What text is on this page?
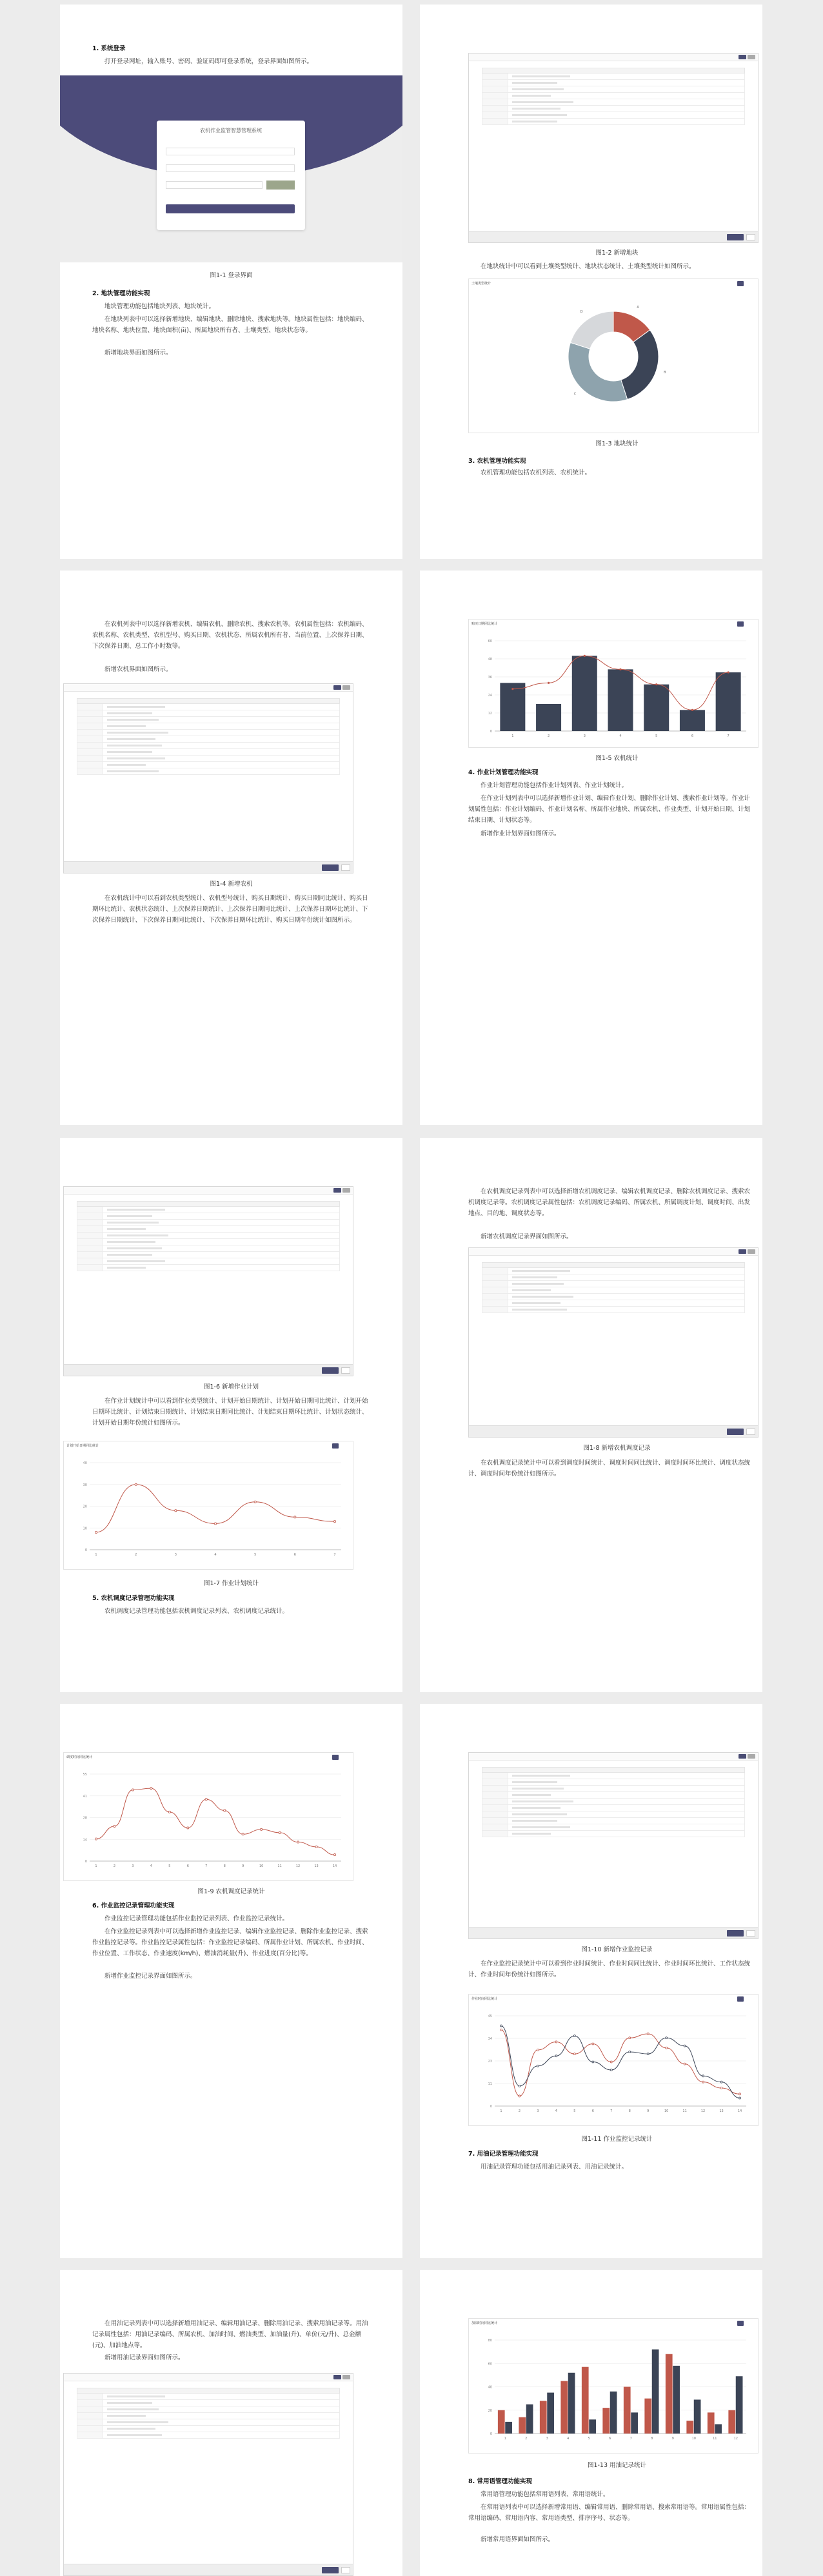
1. 系统登录
打开登录网址，输入账号、密码、验证码即可登录系统，登录界面如图所示。
农机作业监管智慧管理系统
图1-1 登录界面
2. 地块管理功能实现
地块管理功能包括地块列表、地块统计。
在地块列表中可以选择新增地块、编辑地块、删除地块、搜索地块等。地块属性包括：地块编码、地块名称、地块位置、地块面积(亩)、所属地块所有者、土壤类型、地块状态等。
新增地块界面如图所示。
图1-2 新增地块
在地块统计中可以看到土壤类型统计、地块状态统计、土壤类型统计如图所示。
土壤类型统计
A
B
C
D
图1-3 地块统计
3. 农机管理功能实现
农机管理功能包括农机列表、农机统计。
在农机列表中可以选择新增农机、编辑农机、删除农机、搜索农机等。农机属性包括：农机编码、农机名称、农机类型、农机型号、购买日期、农机状态、所属农机所有者、当前位置、上次保养日期、下次保养日期、总工作小时数等。
新增农机界面如图所示。
图1-4 新增农机
在农机统计中可以看到农机类型统计、农机型号统计、购买日期统计、购买日期同比统计、购买日期环比统计、农机状态统计、上次保养日期统计、上次保养日期同比统计、上次保养日期环比统计、下次保养日期统计、下次保养日期同比统计、下次保养日期环比统计、购买日期年份统计如图所示。
购买日期同比统计
0
12
24
36
48
60
1	2	3	4	5	6	7
图1-5 农机统计
4. 作业计划管理功能实现
作业计划管理功能包括作业计划列表、作业计划统计。
在作业计划列表中可以选择新增作业计划、编辑作业计划、删除作业计划、搜索作业计划等。作业计划属性包括：作业计划编码、作业计划名称、所属作业地块、所属农机、作业类型、计划开始日期、计划结束日期、计划状态等。
新增作业计划界面如图所示。
图1-6 新增作业计划
在作业计划统计中可以看到作业类型统计、计划开始日期统计、计划开始日期同比统计、计划开始日期环比统计、计划结束日期统计、计划结束日期同比统计、计划结束日期环比统计、计划状态统计、计划开始日期年份统计如图所示。
计划开始日期同比统计
0
10
20
30
40
1	2	3	4	5	6	7
图1-7 作业计划统计
5. 农机调度记录管理功能实现
农机调度记录管理功能包括农机调度记录列表、农机调度记录统计。
在农机调度记录列表中可以选择新增农机调度记录、编辑农机调度记录、删除农机调度记录、搜索农机调度记录等。农机调度记录属性包括：农机调度记录编码、所属农机、所属调度计划、调度时间、出发地点、目的地、调度状态等。
新增农机调度记录界面如图所示。
图1-8 新增农机调度记录
在农机调度记录统计中可以看到调度时间统计、调度时间同比统计、调度时间环比统计、调度状态统计、调度时间年份统计如图所示。
调度时间同比统计
0
14
28
41
55
1	2	3	4	5	6	7	8	9	10	11	12	13	14
图1-9 农机调度记录统计
6. 作业监控记录管理功能实现
作业监控记录管理功能包括作业监控记录列表、作业监控记录统计。
在作业监控记录列表中可以选择新增作业监控记录、编辑作业监控记录、删除作业监控记录、搜索作业监控记录等。作业监控记录属性包括：作业监控记录编码、所属作业计划、所属农机、作业时间、作业位置、工作状态、作业速度(km/h)、燃油消耗量(升)、作业进度(百分比)等。
新增作业监控记录界面如图所示。
图1-10 新增作业监控记录
在作业监控记录统计中可以看到作业时间统计、作业时间同比统计、作业时间环比统计、工作状态统计、作业时间年份统计如图所示。
作业时间同比统计
0
11
23
34
45
1	2	3	4	5	6	7	8	9	10	11	12	13	14
图1-11 作业监控记录统计
7. 用油记录管理功能实现
用油记录管理功能包括用油记录列表、用油记录统计。
在用油记录列表中可以选择新增用油记录、编辑用油记录、删除用油记录、搜索用油记录等。用油记录属性包括：用油记录编码、所属农机、加油时间、燃油类型、加油量(升)、单价(元/升)、总金额(元)、加油地点等。
新增用油记录界面如图所示。
加油时间同比统计
0
20
40
60
80
1	2	3	4	5	6	7	8	9	10	11	12
图1-13 用油记录统计
8. 常用语管理功能实现
常用语管理功能包括常用语列表、常用语统计。
在常用语列表中可以选择新增常用语、编辑常用语、删除常用语、搜索常用语等。常用语属性包括：常用语编码、常用语内容、常用语类型、排序序号、状态等。
新增常用语界面如图所示。
